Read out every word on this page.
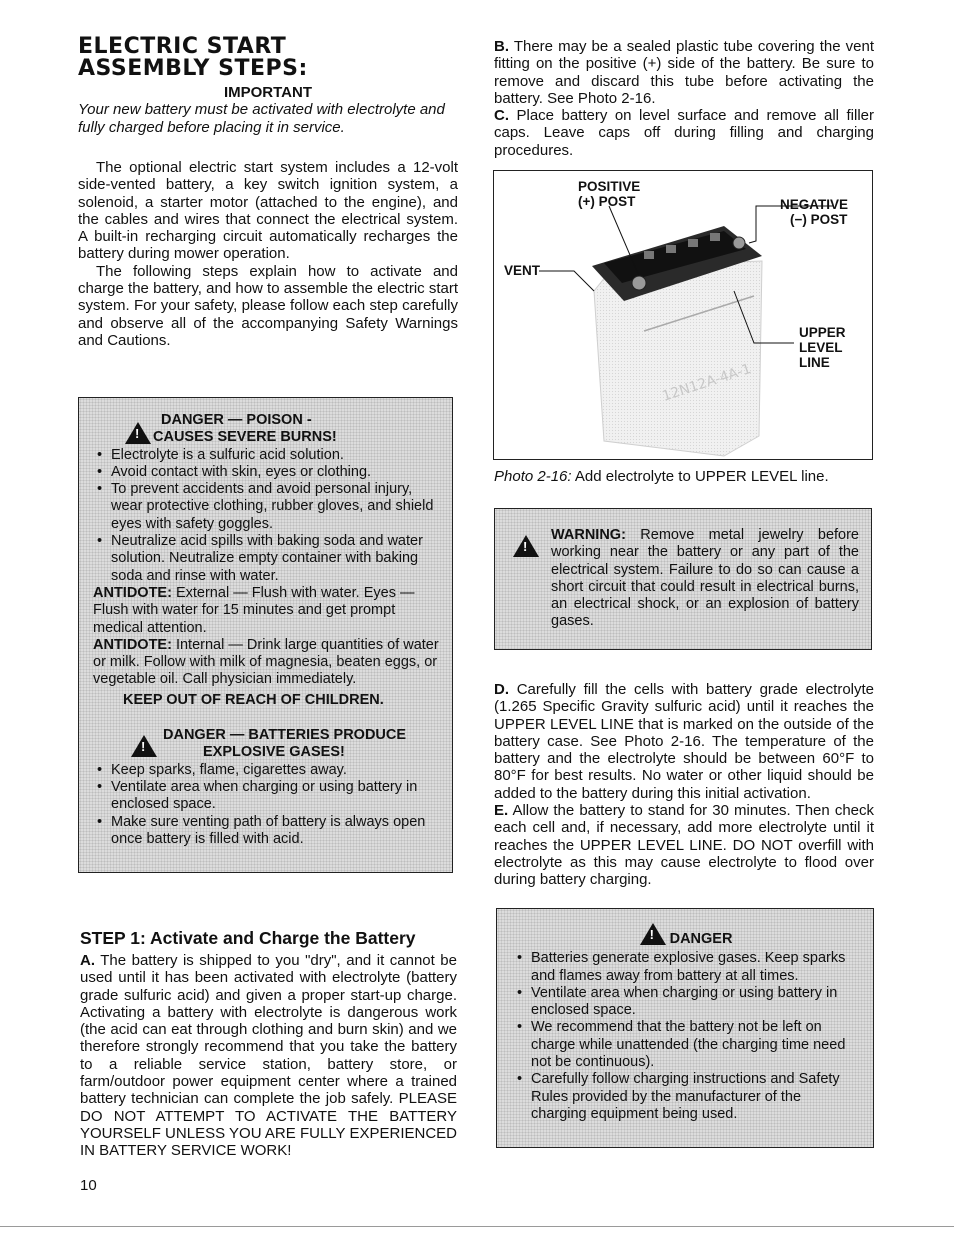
ELECTRIC START
ASSEMBLY STEPS:
IMPORTANT
Your new battery must be activated with electrolyte and fully charged before placing it in service.

The optional electric start system includes a 12-volt side-vented battery, a key switch ignition system, a solenoid, a starter motor (attached to the engine), and the cables and wires that connect the electrical system. A built-in recharging circuit automatically recharges the battery during mower operation.

The following steps explain how to activate and charge the battery, and how to assemble the electric start system. For your safety, please follow each step carefully and observe all of the accompanying Safety Warnings and Cautions.

!
DANGER — POISON -
CAUSES SEVERE BURNS!
• Electrolyte is a sulfuric acid solution.
• Avoid contact with skin, eyes or clothing.
• To prevent accidents and avoid personal injury, wear protective clothing, rubber gloves, and shield eyes with safety goggles.
• Neutralize acid spills with baking soda and water solution. Neutralize empty container with baking soda and rinse with water.
ANTIDOTE: External — Flush with water. Eyes — Flush with water for 15 minutes and get prompt medical attention.
ANTIDOTE: Internal — Drink large quantities of water or milk. Follow with milk of magnesia, beaten eggs, or vegetable oil. Call physician immediately.
KEEP OUT OF REACH OF CHILDREN.
!
DANGER — BATTERIES PRODUCE
EXPLOSIVE GASES!
• Keep sparks, flame, cigarettes away.
• Ventilate area when charging or using battery in enclosed space.
• Make sure venting path of battery is always open once battery is filled with acid.
STEP 1: Activate and Charge the Battery

A. The battery is shipped to you "dry", and it cannot be used until it has been activated with electrolyte (battery grade sulfuric acid) and given a proper start-up charge. Activating a battery with electrolyte is dangerous work (the acid can eat through clothing and burn skin) and we therefore strongly recommend that you take the battery to a reliable service station, battery store, or farm/outdoor power equipment center where a trained battery technician can complete the job safely. PLEASE DO NOT ATTEMPT TO ACTIVATE THE BATTERY YOURSELF UNLESS YOU ARE FULLY EXPERIENCED IN BATTERY SERVICE WORK!

B. There may be a sealed plastic tube covering the vent fitting on the positive (+) side of the battery. Be sure to remove and discard this tube before activating the battery. See Photo 2-16.

C. Place battery on level surface and remove all filler caps. Leave caps off during filling and charging procedures.

12N12A-4A-1
POSITIVE
(+) POST	NEGATIVE
(−) POST
VENT
UPPER
LEVEL
LINE
Photo 2-16: Add electrolyte to UPPER LEVEL line.
!
WARNING: Remove metal jewelry before working near the battery or any part of the electrical system. Failure to do so can cause a short circuit that could result in electrical burns, an electrical shock, or an explosion of battery gases.

D. Carefully fill the cells with battery grade electrolyte (1.265 Specific Gravity sulfuric acid) until it reaches the UPPER LEVEL LINE that is marked on the outside of the battery case. See Photo 2-16. The temperature of the battery and the electrolyte should be between 60°F to 80°F for best results. No water or other liquid should be added to the battery during this initial activation.

E. Allow the battery to stand for 30 minutes. Then check each cell and, if necessary, add more electrolyte until it reaches the UPPER LEVEL LINE. DO NOT overfill with electrolyte as this may cause electrolyte to flood over during battery charging.

! DANGER
• Batteries generate explosive gases. Keep sparks and flames away from battery at all times.
• Ventilate area when charging or using battery in enclosed space.
• We recommend that the battery not be left on charge while unattended (the charging time need not be continuous).
• Carefully follow charging instructions and Safety Rules provided by the manufacturer of the charging equipment being used.
10
